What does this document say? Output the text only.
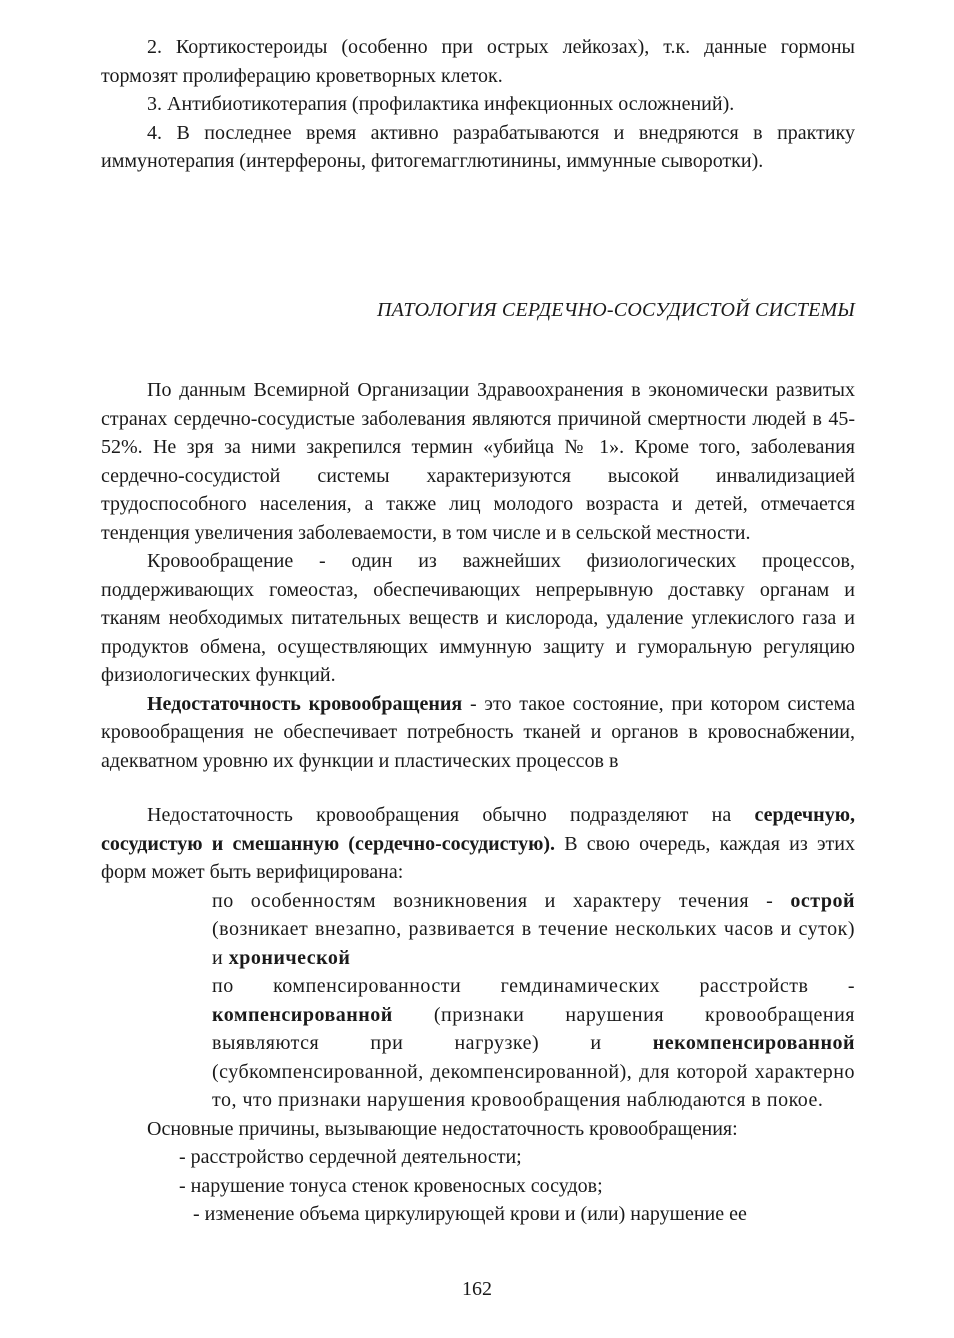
2. Кортикостероиды (особенно при острых лейкозах), т.к. данные гормоны тормозят пролиферацию кроветворных клеток.

3. Антибиотикотерапия (профилактика инфекционных осложнений).

4. В последнее время активно разрабатываются и внедряются в практику иммунотерапия (интерфероны, фитогемагглютинины, иммунные сыворотки).

ПАТОЛОГИЯ СЕРДЕЧНО-СОСУДИСТОЙ СИСТЕМЫ

По данным Всемирной Организации Здравоохранения в экономически развитых странах сердечно-сосудистые заболевания являются причиной смертности людей в 45-52%. Не зря за ними закрепился термин «убийца № 1». Кроме того, заболевания сердечно-сосудистой системы характеризуются высокой инвалидизацией трудоспособного населения, а также лиц молодого возраста и детей, отмечается тенденция увеличения заболеваемости, в том числе и в сельской местности.

Кровообращение - один из важнейших физиологических процессов, поддерживающих гомеостаз, обеспечивающих непрерывную доставку органам и тканям необходимых питательных веществ и кислорода, удаление углекислого газа и продуктов обмена, осуществляющих иммунную защиту и гуморальную регуляцию физиологических функций.

Недостаточность кровообращения - это такое состояние, при котором система кровообращения не обеспечивает потребность тканей и органов в кровоснабжении, адекватном уровню их функции и пластических процессов в

Недостаточность кровообращения обычно подразделяют на сердечную, сосудистую и смешанную (сердечно-сосудистую). В свою очередь, каждая из этих форм может быть верифицирована:

по особенностям возникновения и характеру течения - острой (возникает внезапно, развивается в течение нескольких часов и суток) и хронической

по компенсированности гемдинамических расстройств - компенсированной (признаки нарушения кровообращения выявляются при нагрузке) и некомпенсированной (субкомпенсированной, декомпенсированной), для которой характерно то, что признаки нарушения кровообращения наблюдаются в покое.

Основные причины, вызывающие недостаточность кровообращения:

- расстройство сердечной деятельности;

- нарушение тонуса стенок кровеносных сосудов;

- изменение объема циркулирующей крови и (или) нарушение ее

162
